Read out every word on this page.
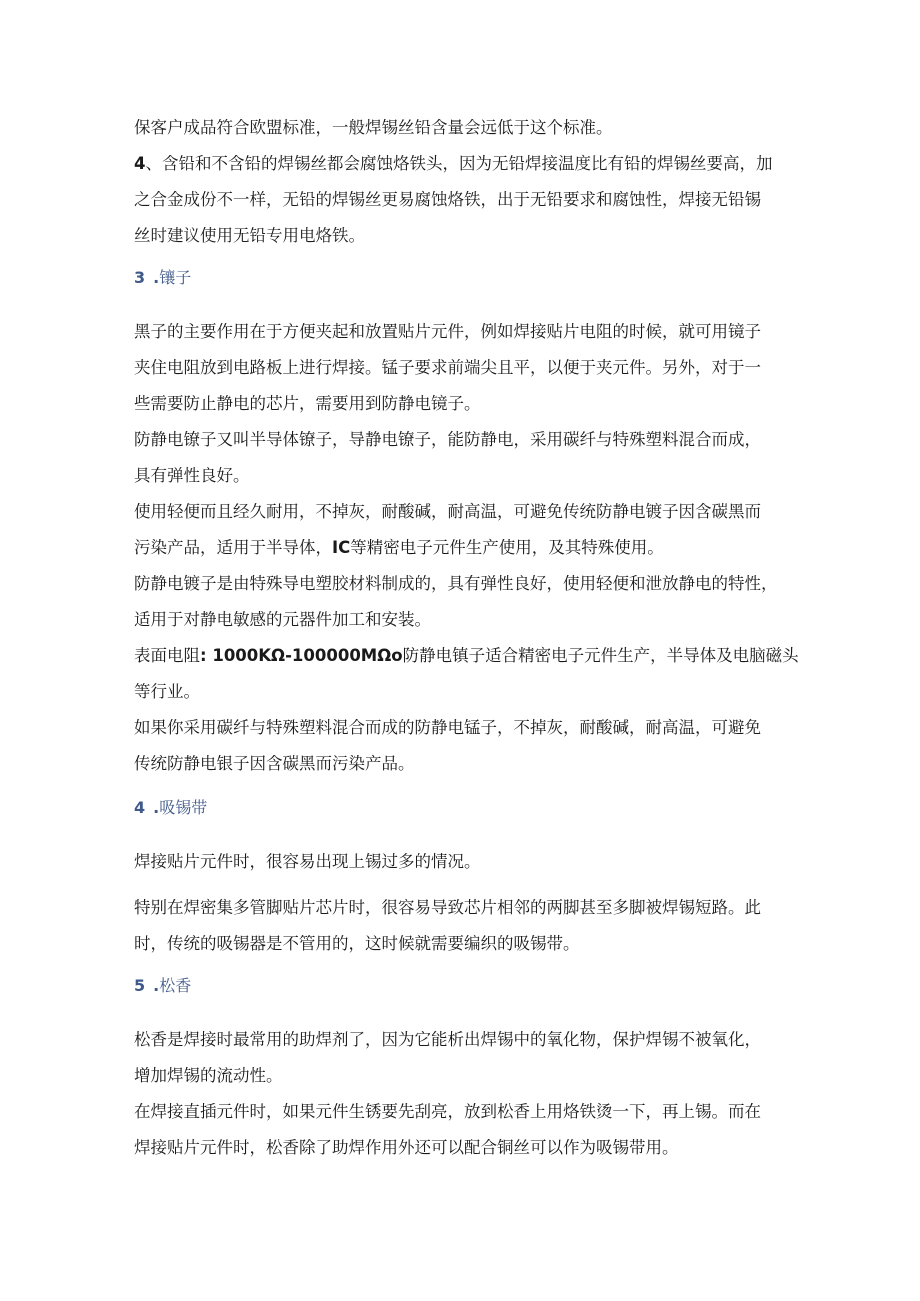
保客户成品符合欧盟标准，一般焊锡丝铅含量会远低于这个标准。
4、含铅和不含铅的焊锡丝都会腐蚀烙铁头，因为无铅焊接温度比有铅的焊锡丝要高，加
之合金成份不一样，无铅的焊锡丝更易腐蚀烙铁，出于无铅要求和腐蚀性，焊接无铅锡
丝时建议使用无铅专用电烙铁。
3 .镶子
黑子的主要作用在于方便夹起和放置贴片元件，例如焊接贴片电阻的时候，就可用镜子
夹住电阻放到电路板上进行焊接。锰子要求前端尖且平，以便于夹元件。另外，对于一
些需要防止静电的芯片，需要用到防静电镜子。
防静电镣子又叫半导体镣子，导静电镣子，能防静电，采用碳纤与特殊塑料混合而成，
具有弹性良好。
使用轻便而且经久耐用，不掉灰，耐酸碱，耐高温，可避免传统防静电镀子因含碳黑而
污染产品，适用于半导体，IC等精密电子元件生产使用，及其特殊使用。
防静电镀子是由特殊导电塑胶材料制成的，具有弹性良好，使用轻便和泄放静电的特性，
适用于对静电敏感的元器件加工和安装。
表面电阻: 1000KΩ-100000MΩo防静电镇子适合精密电子元件生产，半导体及电脑磁头
等行业。
如果你采用碳纤与特殊塑料混合而成的防静电锰子，不掉灰，耐酸碱，耐高温，可避免
传统防静电银子因含碳黑而污染产品。
4 .吸锡带
焊接贴片元件时，很容易出现上锡过多的情况。
特别在焊密集多管脚贴片芯片时，很容易导致芯片相邻的两脚甚至多脚被焊锡短路。此
时，传统的吸锡器是不管用的，这时候就需要编织的吸锡带。
5 .松香
松香是焊接时最常用的助焊剂了，因为它能析出焊锡中的氧化物，保护焊锡不被氧化，
增加焊锡的流动性。
在焊接直插元件时，如果元件生锈要先刮亮，放到松香上用烙铁烫一下，再上锡。而在
焊接贴片元件时，松香除了助焊作用外还可以配合铜丝可以作为吸锡带用。
